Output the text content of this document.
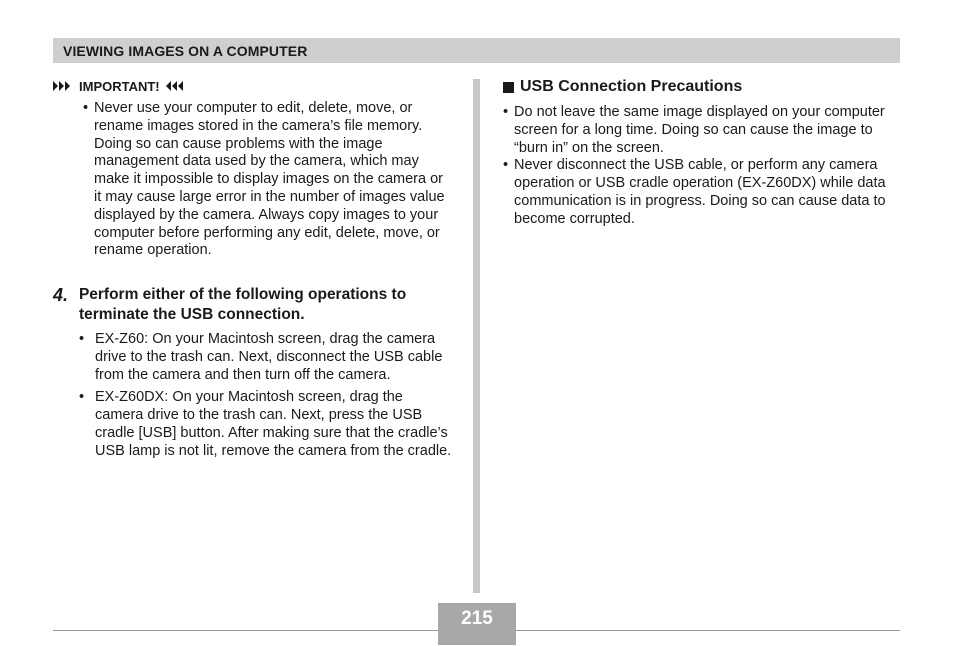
VIEWING IMAGES ON A COMPUTER
IMPORTANT!
• Never use your computer to edit, delete, move, or rename images stored in the camera’s file memory. Doing so can cause problems with the image management data used by the camera, which may make it impossible to display images on the camera or it may cause large error in the number of images value displayed by the camera. Always copy images to your computer before performing any edit, delete, move, or rename operation.
4. Perform either of the following operations to terminate the USB connection.
• EX-Z60: On your Macintosh screen, drag the camera drive to the trash can. Next, disconnect the USB cable from the camera and then turn off the camera.
• EX-Z60DX: On your Macintosh screen, drag the camera drive to the trash can. Next, press the USB cradle [USB] button. After making sure that the cradle’s USB lamp is not lit, remove the camera from the cradle.
USB Connection Precautions
• Do not leave the same image displayed on your computer screen for a long time. Doing so can cause the image to “burn in” on the screen.
• Never disconnect the USB cable, or perform any camera operation or USB cradle operation (EX-Z60DX) while data communication is in progress. Doing so can cause data to become corrupted.
215
